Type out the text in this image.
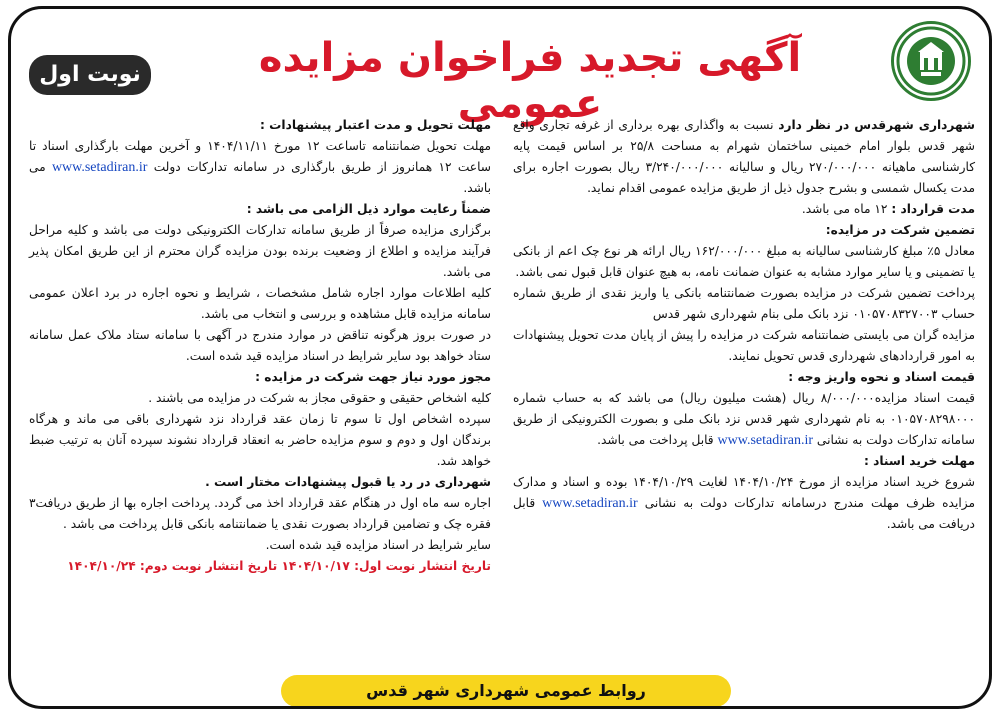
آگهی تجدید فراخوان مزایده عمومی
نوبت اول

شهرداری شهرقدس در نظر دارد نسبت به واگذاری بهره برداری از غرفه تجاری واقع شهر قدس بلوار امام خمینی ساختمان شهرام به مساحت ۲۵/۸ بر اساس قیمت پایه کارشناسی ماهیانه ۲۷۰/۰۰۰/۰۰۰ ریال و سالیانه ۳/۲۴۰/۰۰۰/۰۰۰ ریال بصورت اجاره برای مدت یکسال شمسی و بشرح جدول ذیل از طریق مزایده عمومی اقدام نماید.

مدت قرارداد : ۱۲ ماه می باشد.

تضمین شرکت در مزایده:

معادل ۵٪ مبلغ کارشناسی سالیانه به مبلغ ۱۶۲/۰۰۰/۰۰۰ ریال ارائه هر نوع چک اعم از بانکی یا تضمینی و یا سایر موارد مشابه به عنوان ضمانت نامه، به هیچ عنوان قابل قبول نمی باشد.

پرداخت تضمین شرکت در مزایده بصورت ضمانتنامه بانکی یا واریز نقدی از طریق شماره حساب ۰۱۰۵۷۰۸۳۲۷۰۰۳ نزد بانک ملی بنام شهرداری شهر قدس

مزایده گران می بایستی ضمانتنامه شرکت در مزایده را پیش از پایان مدت تحویل پیشنهادات به امور قراردادهای شهرداری قدس تحویل نمایند.

قیمت اسناد و نحوه واریز وجه :

قیمت اسناد مزایده۸/۰۰۰/۰۰۰ ریال (هشت میلیون ریال) می باشد که به حساب شماره ۰۱۰۵۷۰۸۲۹۸۰۰۰ به نام شهرداری شهر قدس نزد بانک ملی و بصورت الکترونیکی از طریق سامانه تدارکات دولت به نشانی www.setadiran.ir قابل پرداخت می باشد.

مهلت خرید اسناد :

شروع خرید اسناد مزایده از مورخ ۱۴۰۴/۱۰/۲۴ لغایت ۱۴۰۴/۱۰/۲۹ بوده و اسناد و مدارک مزایده ظرف مهلت مندرج درسامانه تدارکات دولت به نشانی www.setadiran.ir قابل دریافت می باشد.

مهلت تحویل و مدت اعتبار پیشنهادات :

مهلت تحویل ضمانتنامه تاساعت ۱۲ مورخ ۱۴۰۴/۱۱/۱۱ و آخرین مهلت بارگذاری اسناد تا ساعت ۱۲ همانروز از طریق بارگذاری در سامانه تدارکات دولت www.setadiran.ir می باشد.

ضمناً رعایت موارد ذیل الزامی می باشد :

برگزاری مزایده صرفاً از طریق سامانه تدارکات الکترونیکی دولت می باشد و کلیه مراحل فرآیند مزایده و اطلاع از وضعیت برنده بودن مزایده گران محترم از این طریق امکان پذیر می باشد.

کلیه اطلاعات موارد اجاره شامل مشخصات ، شرایط و نحوه اجاره در برد اعلان عمومی سامانه مزایده قابل مشاهده و بررسی و انتخاب می باشد.

در صورت بروز هرگونه تناقض در موارد مندرج در آگهی با سامانه ستاد ملاک عمل سامانه ستاد خواهد بود سایر شرایط در اسناد مزایده قید شده است.

مجوز مورد نیاز جهت شرکت در مزایده :

کلیه اشخاص حقیقی و حقوقی مجاز به شرکت در مزایده می باشند .

سپرده اشخاص اول تا سوم تا زمان عقد قرارداد نزد شهرداری باقی می ماند و هرگاه برندگان اول و دوم و سوم مزایده حاضر به انعقاد قرارداد نشوند سپرده آنان به ترتیب ضبط خواهد شد.

شهرداری در رد یا قبول پیشنهادات مختار است .

اجاره سه ماه اول در هنگام عقد قرارداد اخذ می گردد. پرداخت اجاره بها از طریق دریافت۳ فقره چک و تضامین قرارداد بصورت نقدی یا ضمانتنامه بانکی قابل پرداخت می باشد .

سایر شرایط در اسناد مزایده قید شده است.

تاریخ انتشار نوبت اول: ۱۴۰۴/۱۰/۱۷ تاریخ انتشار نوبت دوم: ۱۴۰۴/۱۰/۲۴

روابط عمومی شهرداری شهر قدس
